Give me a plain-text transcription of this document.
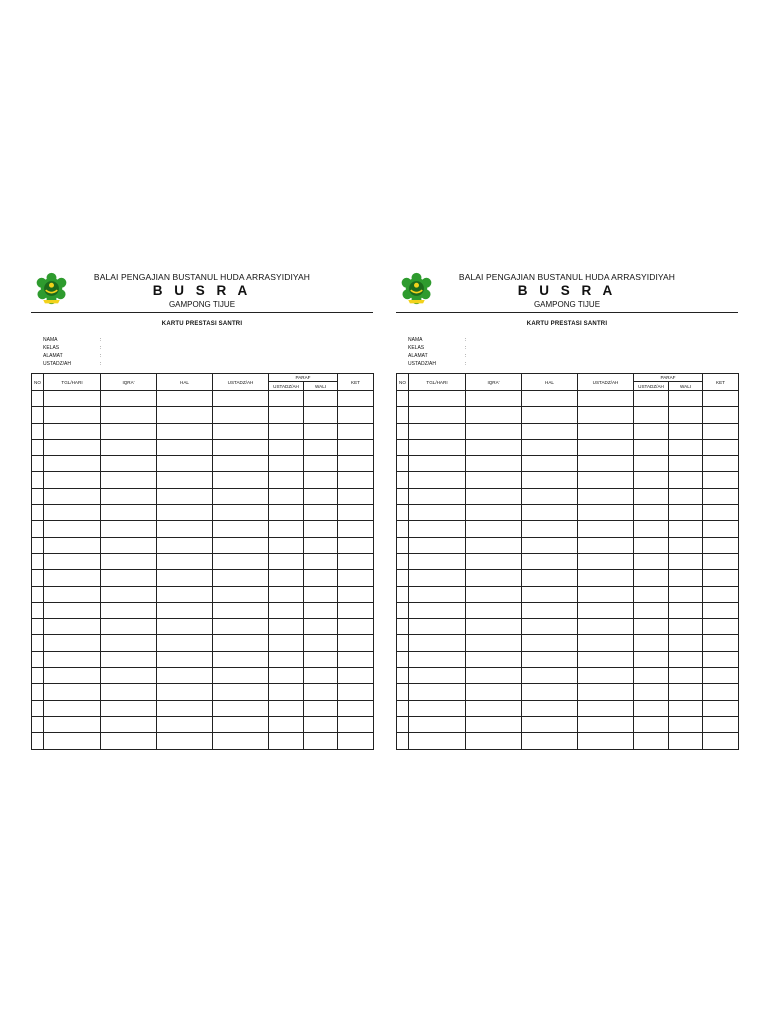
BALAI PENGAJIAN BUSTANUL HUDA ARRASYIDIYAH
B U S R A
GAMPONG TIJUE
KARTU PRESTASI SANTRI
NAMA	:
KELAS	:
ALAMAT	:
USTADZ/AH	:
NO	TGL/HARI	IQRA'	HAL	USTADZ/AH	PARAF		KET
					USTADZ/AH	WALI	

BALAI PENGAJIAN BUSTANUL HUDA ARRASYIDIYAH
B U S R A
GAMPONG TIJUE
KARTU PRESTASI SANTRI
NAMA	:
KELAS	:
ALAMAT	:
USTADZ/AH	:
NO	TGL/HARI	IQRA'	HAL	USTADZ/AH	PARAF		KET
					USTADZ/AH	WALI	
